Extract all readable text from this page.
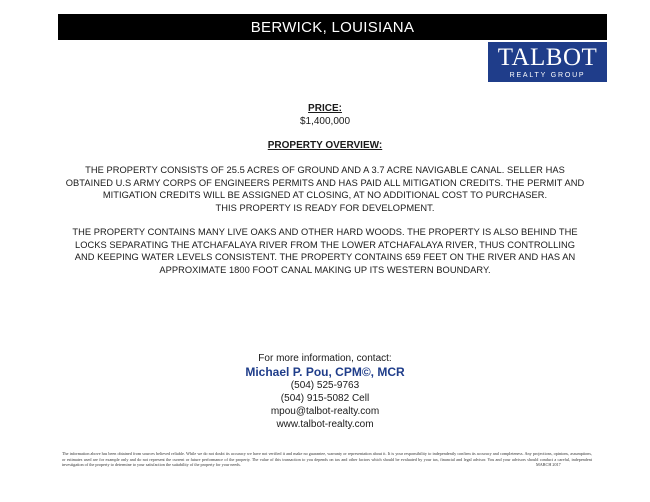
BERWICK, LOUISIANA
TALBOT
REALTY GROUP
PRICE:
$1,400,000
PROPERTY OVERVIEW:
THE PROPERTY CONSISTS OF 25.5 ACRES OF GROUND AND A 3.7 ACRE NAVIGABLE CANAL. SELLER HAS
OBTAINED U.S ARMY CORPS OF ENGINEERS PERMITS AND HAS PAID ALL MITIGATION CREDITS. THE PERMIT AND
MITIGATION CREDITS WILL BE ASSIGNED AT CLOSING, AT NO ADDITIONAL COST TO PURCHASER.
THIS PROPERTY IS READY FOR DEVELOPMENT.
THE PROPERTY CONTAINS MANY LIVE OAKS AND OTHER HARD WOODS. THE PROPERTY IS ALSO BEHIND THE
LOCKS SEPARATING THE ATCHAFALAYA RIVER FROM THE LOWER ATCHAFALAYA RIVER, THUS CONTROLLING
AND KEEPING WATER LEVELS CONSISTENT. THE PROPERTY CONTAINS 659 FEET ON THE RIVER AND HAS AN
APPROXIMATE 1800 FOOT CANAL MAKING UP ITS WESTERN BOUNDARY.
For more information, contact:
Michael P. Pou, CPM©, MCR
(504) 525-9763
(504) 915-5082 Cell
mpou@talbot-realty.com
www.talbot-realty.com
The information above has been obtained from sources believed reliable. While we do not doubt its accuracy we have not verified it and make no guarantee, warranty or representation about it. It is your responsibility to independently confirm its accuracy and completeness. Any projections, opinions, assumptions, or estimates used are for example only and do not represent the current or future performance of the property. The value of this transaction to you depends on tax and other factors which should be evaluated by your tax, financial and legal advisor. You and your advisors should conduct a careful, independent investigation of the property to determine to your satisfaction the suitability of the property for your needs.	MARCH 2017
